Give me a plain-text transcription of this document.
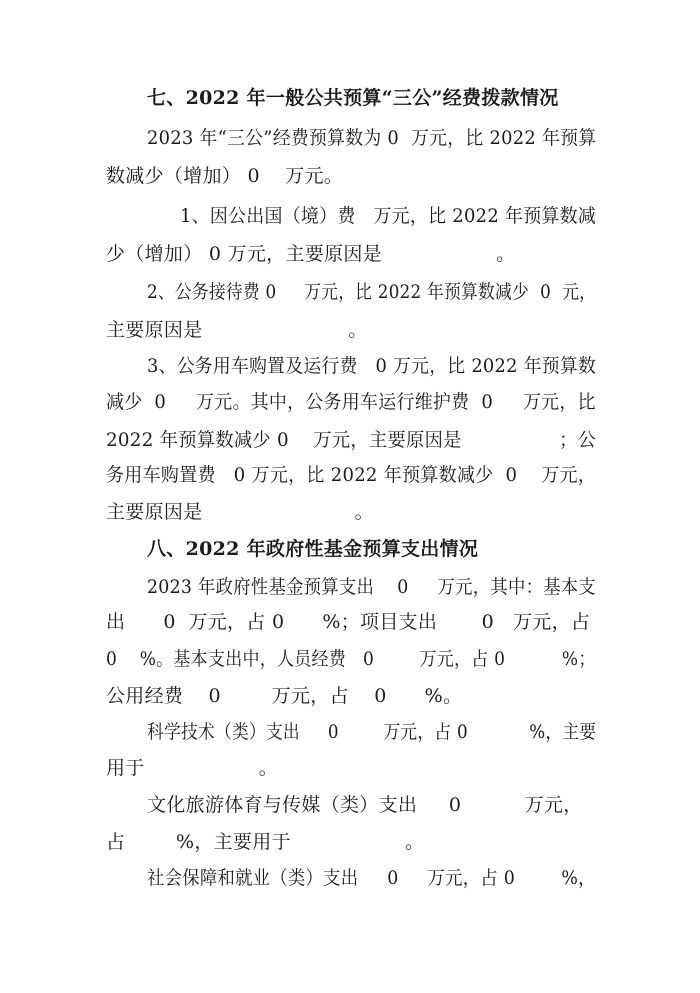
七、2022 年一般公共预算“三公”经费拨款情况
2023 年“三公”经费预算数为 0  万元，比 2022 年预算
数减少（增加） 0    万元。
1、因公出国（境）费   万元，比 2022 年预算数减
少（增加） 0 万元，主要原因是                  。
2、公务接待费 0     万元，比 2022 年预算数减少  0  元，
主要原因是                       。
3、公务用车购置及运行费   0 万元，比 2022 年预算数
减少  0     万元。其中，公务用车运行维护费  0     万元，比
2022 年预算数减少 0    万元，主要原因是                ；公
务用车购置费   0 万元，比 2022 年预算数减少  0    万元，
主要原因是                        。
八、2022 年政府性基金预算支出情况
2023 年政府性基金预算支出    0     万元，其中：基本支
出      0  万元，占 0      %；项目支出       0   万元，占
0    %。基本支出中，人员经费   0        万元，占 0          %；
公用经费    0        万元，占    0      %。
科学技术（类）支出     0        万元，占 0           %，主要
用于                  。
文化旅游体育与传媒（类）支出     0          万元，
占        %，主要用于                  。
社会保障和就业（类）支出     0     万元，占 0        %，
